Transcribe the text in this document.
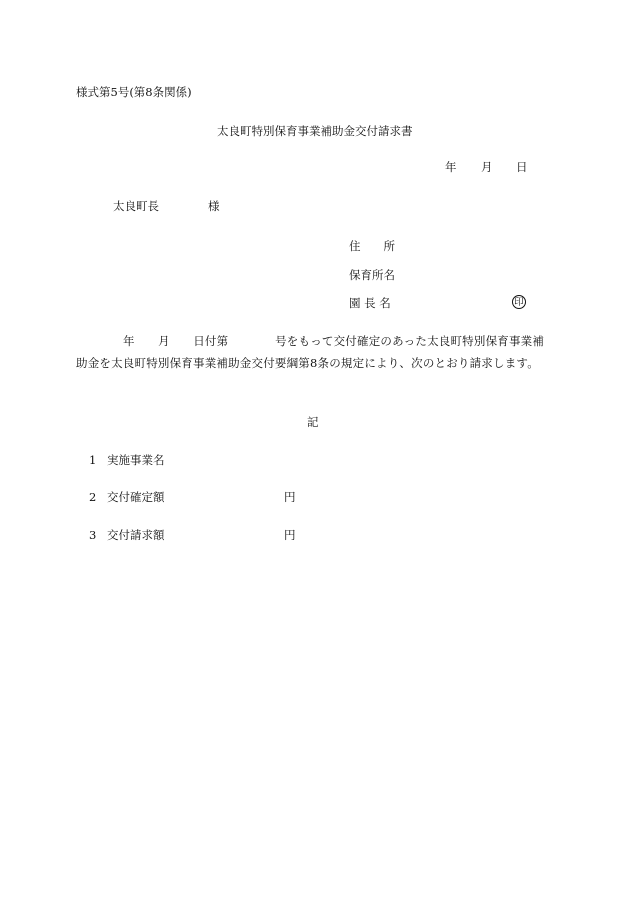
様式第5号(第8条関係)
太良町特別保育事業補助金交付請求書
年 月 日
太良町長	様
住　　所
保育所名
園 長 名	印
年　　月　　日付第　　　　号をもって交付確定のあった太良町特別保育事業補助金を太良町特別保育事業補助金交付要綱第8条の規定により、次のとおり請求します。
記
1 実施事業名
2 交付確定額	円
3 交付請求額	円
